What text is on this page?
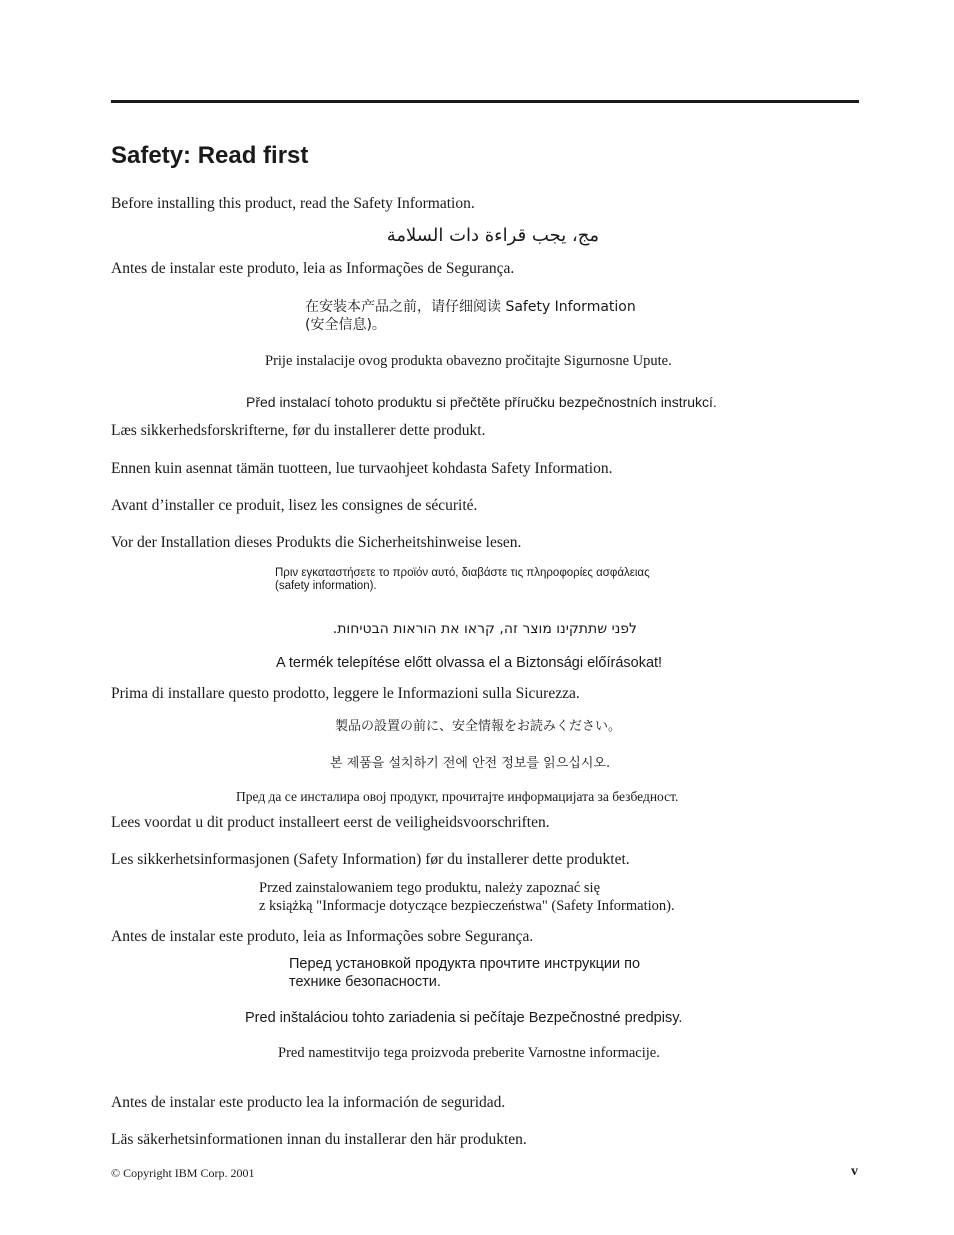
Safety: Read first

Before installing this product, read the Safety Information.

مج، يجب قراءة دات السلامة

Antes de instalar este produto, leia as Informações de Segurança.

在安装本产品之前，请仔细阅读 Safety Information

(安全信息)。

Prije instalacije ovog produkta obavezno pročitajte Sigurnosne Upute.

Před instalací tohoto produktu si přečtěte příručku bezpečnostních instrukcí.

Læs sikkerhedsforskrifterne, før du installerer dette produkt.

Ennen kuin asennat tämän tuotteen, lue turvaohjeet kohdasta Safety Information.

Avant d’installer ce produit, lisez les consignes de sécurité.

Vor der Installation dieses Produkts die Sicherheitshinweise lesen.

Πριν εγκαταστήσετε το προϊόν αυτό, διαβάστε τις πληροφορίες ασφάλειας

(safety information).

לפני שתתקינו מוצר זה, קראו את הוראות הבטיחות.

A termék telepítése előtt olvassa el a Biztonsági előírásokat!

Prima di installare questo prodotto, leggere le Informazioni sulla Sicurezza.

製品の設置の前に、安全情報をお読みください。

본 제품을 설치하기 전에 안전 정보를 읽으십시오.

Пред да се инсталира овој продукт, прочитајте информацијата за безбедност.

Lees voordat u dit product installeert eerst de veiligheidsvoorschriften.

Les sikkerhetsinformasjonen (Safety Information) før du installerer dette produktet.

Przed zainstalowaniem tego produktu, należy zapoznać się

z książką "Informacje dotyczące bezpieczeństwa" (Safety Information).

Antes de instalar este produto, leia as Informações sobre Segurança.

Перед установкой продукта прочтите инструкции по

технике безопасности.

Pred inštaláciou tohto zariadenia si pečítaje Bezpečnostné predpisy.

Pred namestitvijo tega proizvoda preberite Varnostne informacije.

Antes de instalar este producto lea la información de seguridad.

Läs säkerhetsinformationen innan du installerar den här produkten.

© Copyright IBM Corp. 2001	v
